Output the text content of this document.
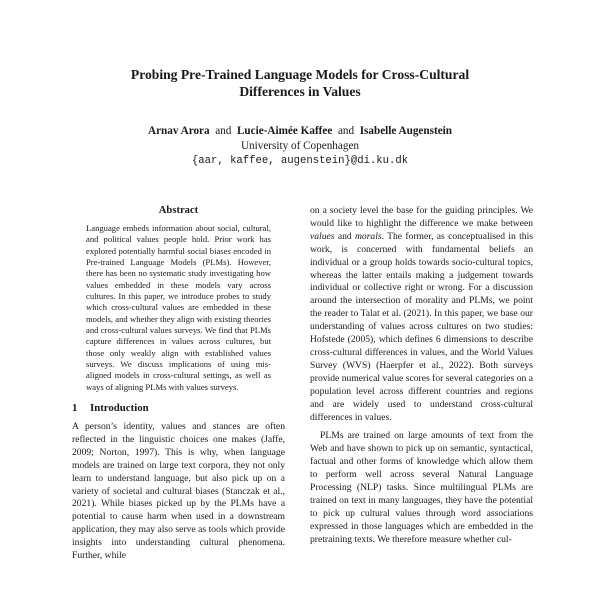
Probing Pre-Trained Language Models for Cross-Cultural
Differences in Values
Arnav Arora and Lucie-Aimée Kaffee and Isabelle Augenstein
University of Copenhagen
{aar, kaffee, augenstein}@di.ku.dk
Abstract

Language embeds information about social, cultural, and political values people hold. Prior work has explored potentially harmful social biases encoded in Pre-trained Language Models (PLMs). However, there has been no systematic study investigating how values embedded in these models vary across cultures. In this paper, we introduce probes to study which cross-cultural values are embedded in these models, and whether they align with existing theories and cross-cultural values surveys. We find that PLMs capture differences in values across cultures, but those only weakly align with established values surveys. We discuss implications of using mis-aligned models in cross-cultural settings, as well as ways of aligning PLMs with values surveys.

1 Introduction

A person’s identity, values and stances are often reflected in the linguistic choices one makes (Jaffe, 2009; Norton, 1997). This is why, when language models are trained on large text corpora, they not only learn to understand language, but also pick up on a variety of societal and cultural biases (Stanczak et al., 2021). While biases picked up by the PLMs have a potential to cause harm when used in a downstream application, they may also serve as tools which provide insights into understanding cultural phenomena. Further, while

on a society level the base for the guiding principles. We would like to highlight the difference we make between values and morals. The former, as conceptualised in this work, is concerned with fundamental beliefs an individual or a group holds towards socio-cultural topics, whereas the latter entails making a judgement towards individual or collective right or wrong. For a discussion around the intersection of morality and PLMs, we point the reader to Talat et al. (2021). In this paper, we base our understanding of values across cultures on two studies: Hofstede (2005), which defines 6 dimensions to describe cross-cultural differences in values, and the World Values Survey (WVS) (Haerpfer et al., 2022). Both surveys provide numerical value scores for several categories on a population level across different countries and regions and are widely used to understand cross-cultural differences in values.

PLMs are trained on large amounts of text from the Web and have shown to pick up on semantic, syntactical, factual and other forms of knowledge which allow them to perform well across several Natural Language Processing (NLP) tasks. Since multilingual PLMs are trained on text in many languages, they have the potential to pick up cultural values through word associations expressed in those languages which are embedded in the pretraining texts. We therefore measure whether cul-
